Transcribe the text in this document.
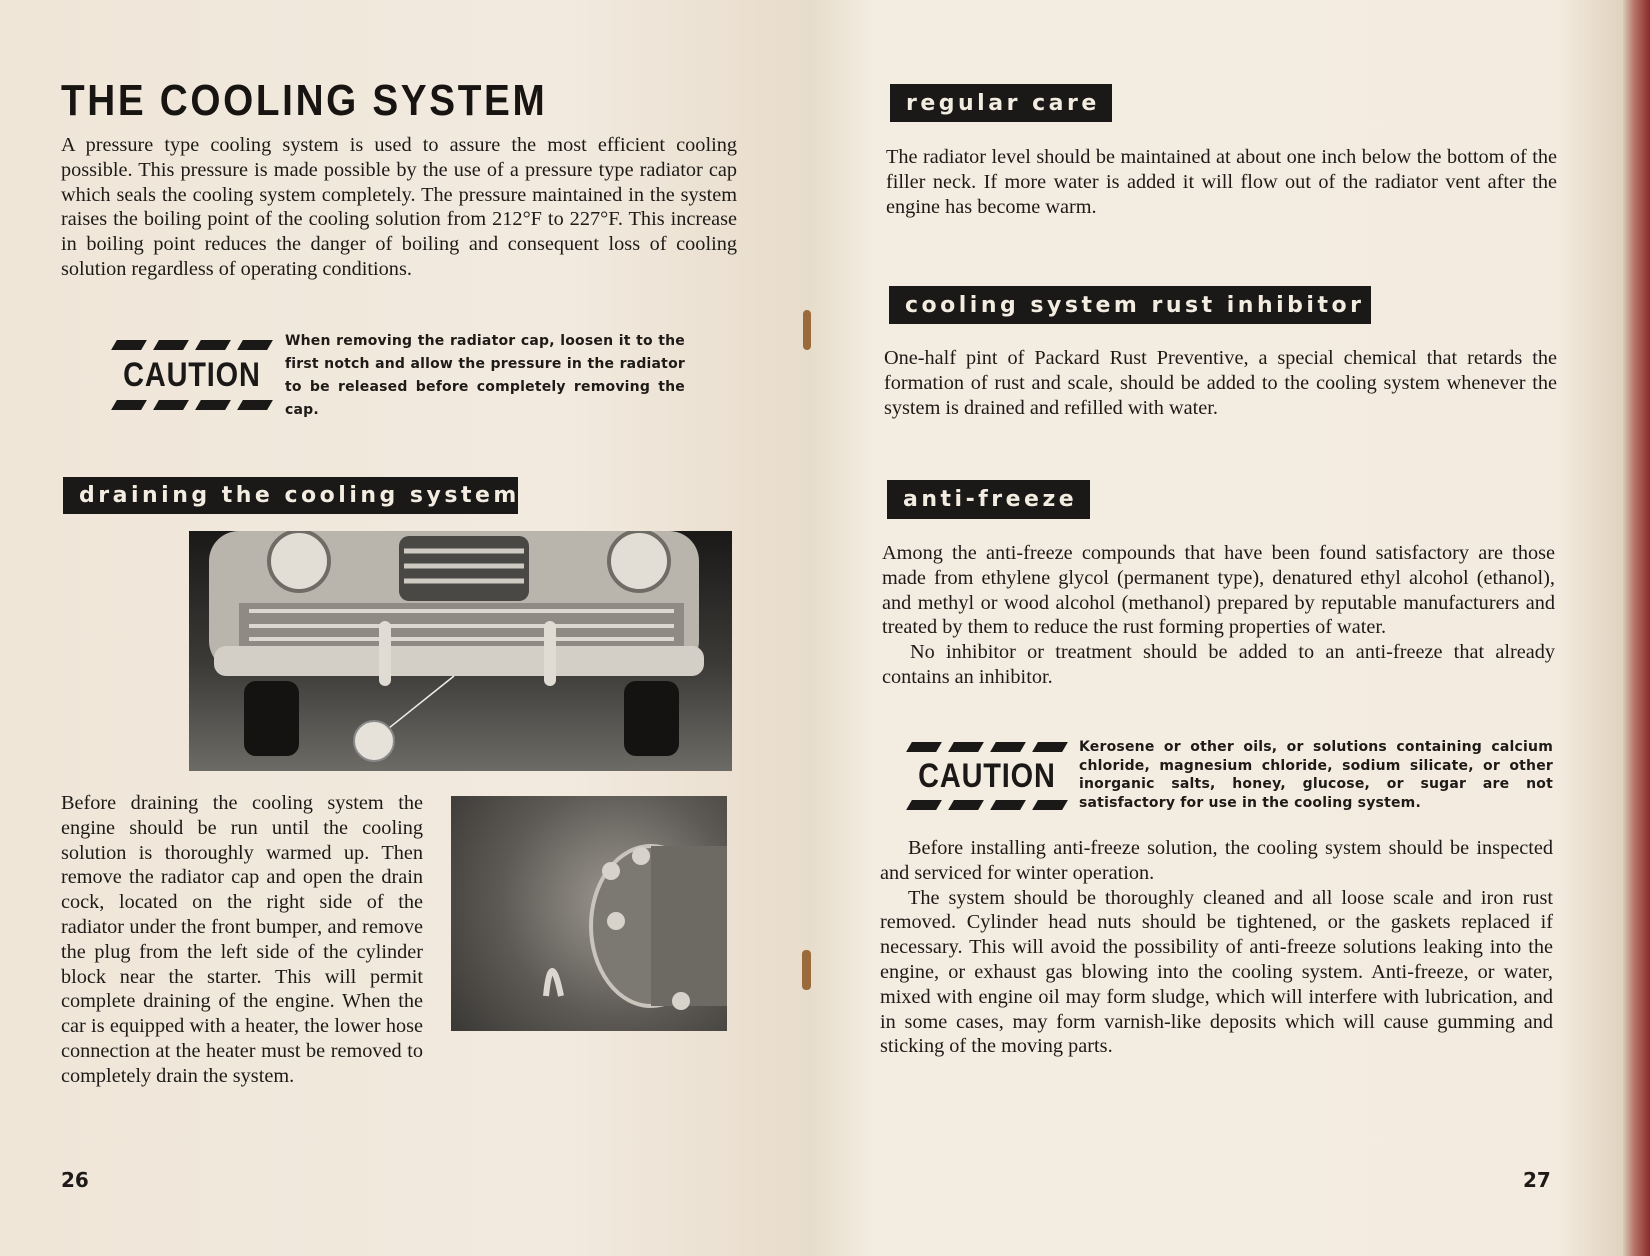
THE COOLING SYSTEM
A pressure type cooling system is used to assure the most efficient cooling possible. This pressure is made possible by the use of a pressure type radiator cap which seals the cooling system completely. The pressure maintained in the system raises the boiling point of the cooling solution from 212°F to 227°F. This increase in boiling point reduces the danger of boiling and consequent loss of cooling solution regardless of operating conditions.
CAUTION
When removing the radiator cap, loosen it to the first notch and allow the pressure in the radiator to be released before completely removing the cap.
draining the cooling system
Before draining the cooling system the engine should be run until the cooling solution is thoroughly warmed up. Then remove the radiator cap and open the drain cock, located on the right side of the radiator under the front bumper, and remove the plug from the left side of the cylinder block near the starter. This will permit complete draining of the engine. When the car is equipped with a heater, the lower hose connection at the heater must be removed to completely drain the system.
26
regular care
The radiator level should be maintained at about one inch below the bottom of the filler neck. If more water is added it will flow out of the radiator vent after the engine has become warm.
cooling system rust inhibitor
One-half pint of Packard Rust Preventive, a special chemical that retards the formation of rust and scale, should be added to the cooling system whenever the system is drained and refilled with water.
anti-freeze

Among the anti-freeze compounds that have been found satisfactory are those made from ethylene glycol (permanent type), denatured ethyl alcohol (ethanol), and methyl or wood alcohol (methanol) prepared by reputable manufacturers and treated by them to reduce the rust forming properties of water.

No inhibitor or treatment should be added to an anti-freeze that already contains an inhibitor.

CAUTION
Kerosene or other oils, or solutions containing calcium chloride, magnesium chloride, sodium silicate, or other inorganic salts, honey, glucose, or sugar are not satisfactory for use in the cooling system.

Before installing anti-freeze solution, the cooling system should be inspected and serviced for winter operation.

The system should be thoroughly cleaned and all loose scale and iron rust removed. Cylinder head nuts should be tightened, or the gaskets replaced if necessary. This will avoid the possibility of anti-freeze solutions leaking into the engine, or exhaust gas blowing into the cooling system. Anti-freeze, or water, mixed with engine oil may form sludge, which will interfere with lubrication, and in some cases, may form varnish-like deposits which will cause gumming and sticking of the moving parts.

27
